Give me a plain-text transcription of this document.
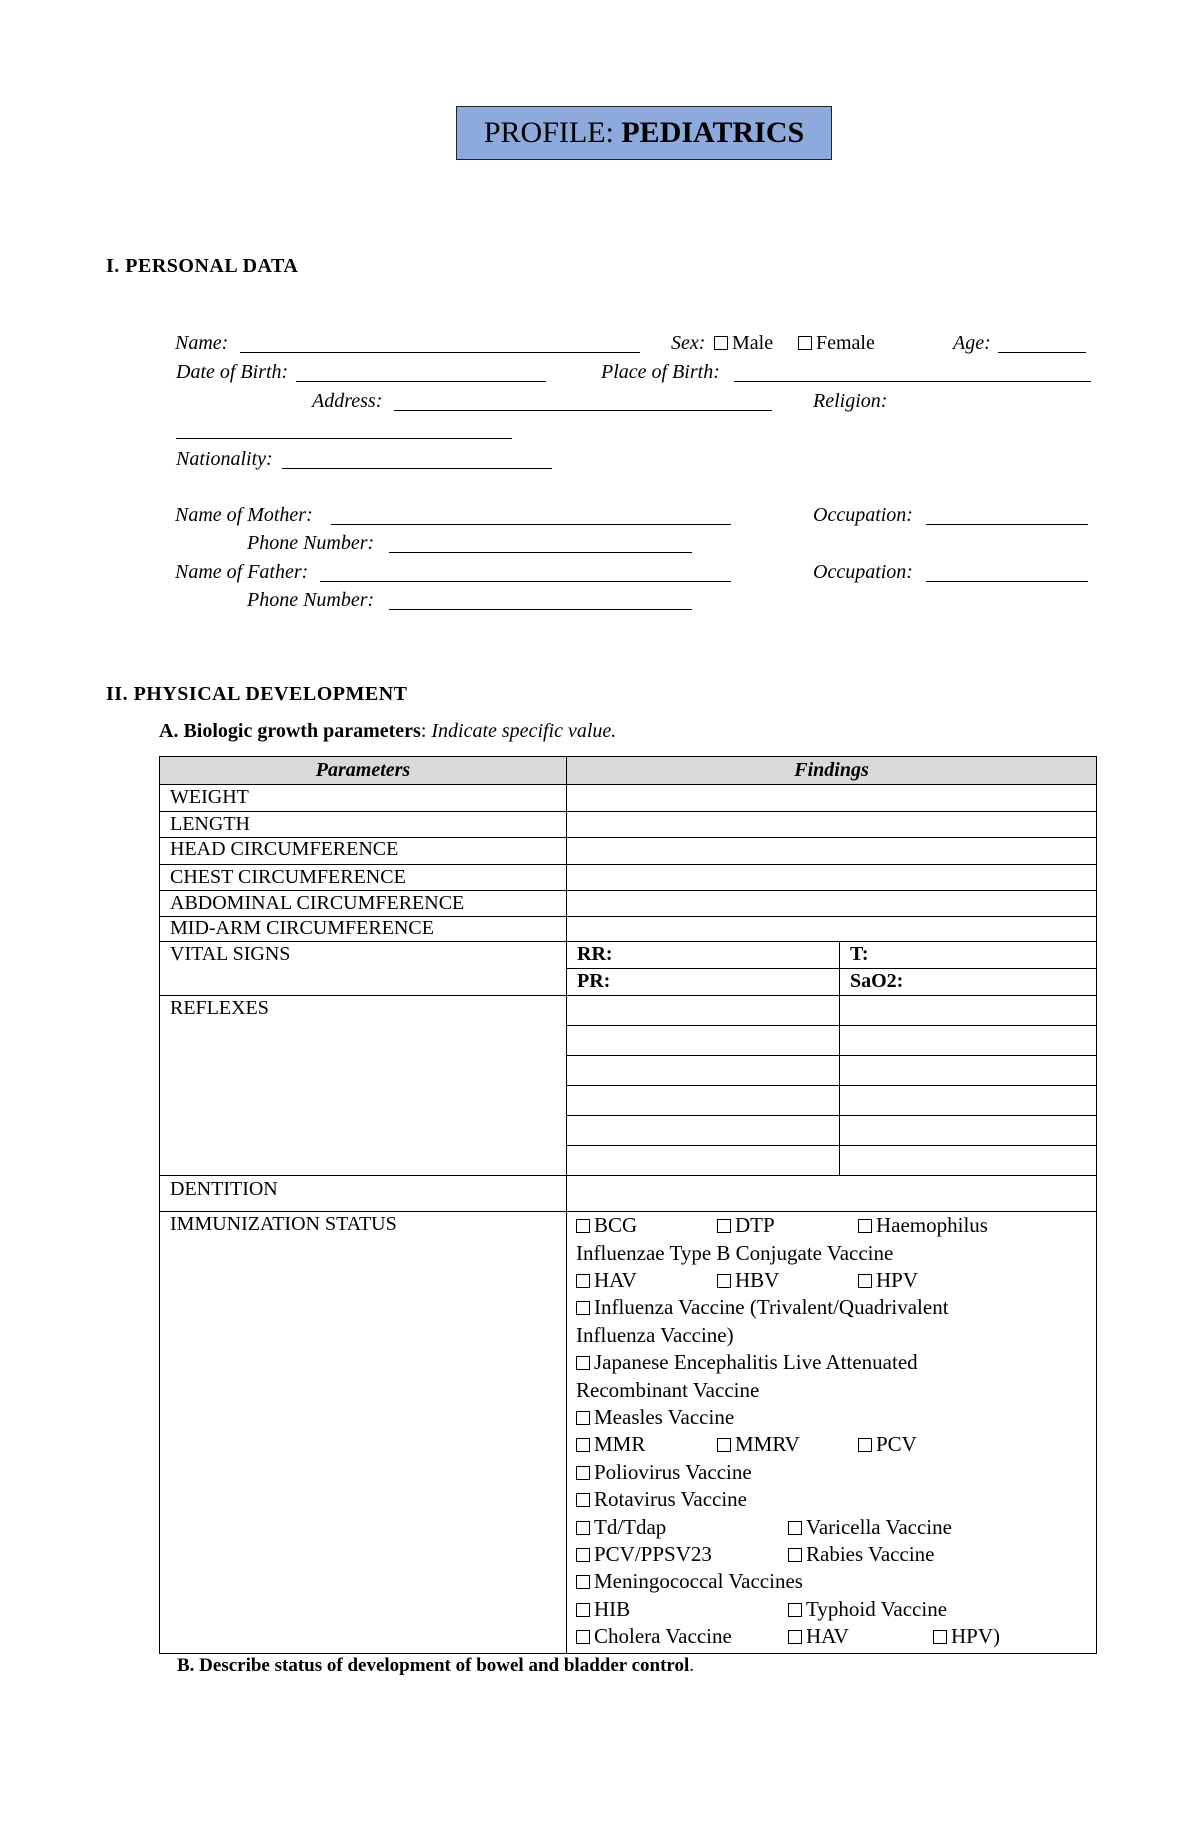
PROFILE: PEDIATRICS
I. PERSONAL DATA
Name:	Sex:	Male	Female	Age:
Date of Birth:	Place of Birth:
Address:	Religion:
Nationality:
Name of Mother:	Occupation:
Phone Number:
Name of Father:	Occupation:
Phone Number:
II. PHYSICAL DEVELOPMENT
A. Biologic growth parameters: Indicate specific value.
Parameters	Findings
WEIGHT
LENGTH
HEAD CIRCUMFERENCE
CHEST CIRCUMFERENCE
ABDOMINAL CIRCUMFERENCE
MID-ARM CIRCUMFERENCE
VITAL SIGNS	RR:	T:
PR:	SaO2:
REFLEXES
DENTITION
IMMUNIZATION STATUS	BCG	DTP	Haemophilus
Influenzae Type B Conjugate Vaccine
HAV	HBV	HPV
Influenza Vaccine (Trivalent/Quadrivalent
Influenza Vaccine)
Japanese Encephalitis Live Attenuated
Recombinant Vaccine
Measles Vaccine
MMR	MMRV	PCV
Poliovirus Vaccine
Rotavirus Vaccine
Td/Tdap	Varicella Vaccine
PCV/PPSV23	Rabies Vaccine
Meningococcal Vaccines
HIB	Typhoid Vaccine
Cholera Vaccine	HAV	HPV)
B. Describe status of development of bowel and bladder control.
